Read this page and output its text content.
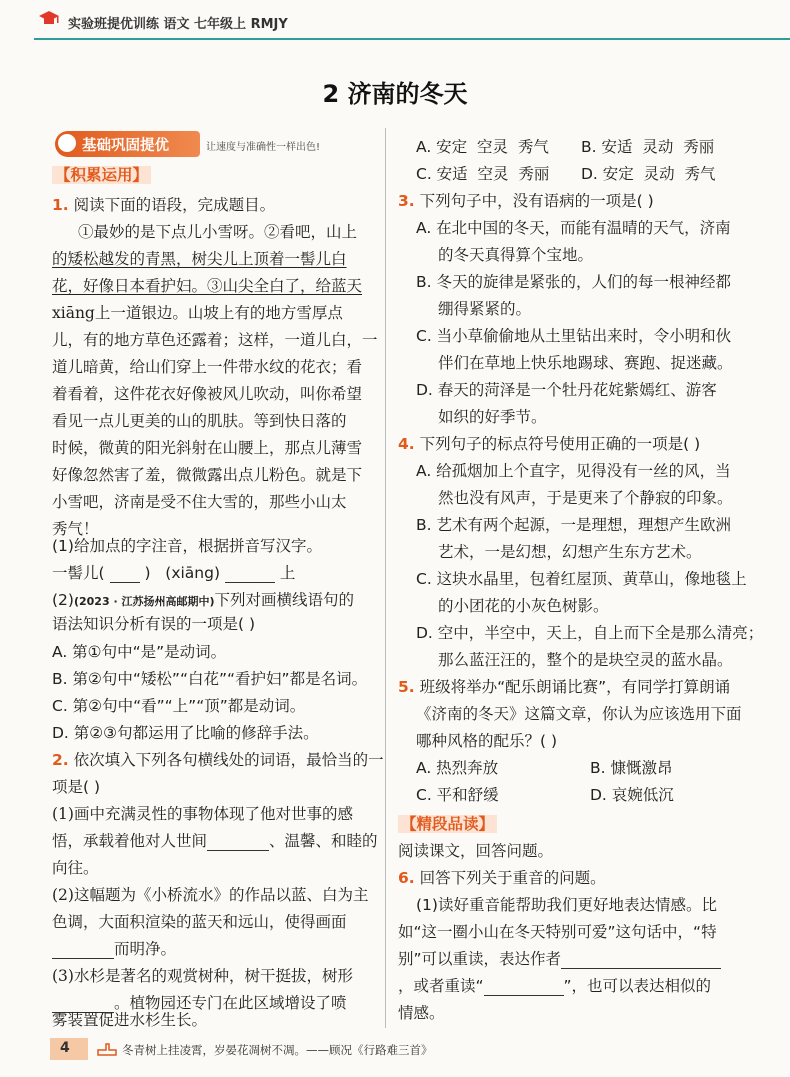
实验班提优训练 语文 七年级上 RMJY
2 济南的冬天
基础巩固提优	让速度与准确性一样出色!
【积累运用】
1. 阅读下面的语段，完成题目。
①最妙的是下点儿小雪呀。②看吧，山上
的矮松越发的青黑，树尖儿上顶着一髻儿白
花，好像日本看护妇。③山尖全白了，给蓝天
xiāng上一道银边。山坡上有的地方雪厚点
儿，有的地方草色还露着；这样，一道儿白，一
道儿暗黄，给山们穿上一件带水纹的花衣；看
着看着，这件花衣好像被风儿吹动，叫你希望
看见一点儿更美的山的肌肤。等到快日落的
时候，微黄的阳光斜射在山腰上，那点儿薄雪
好像忽然害了羞，微微露出点儿粉色。就是下
小雪吧，济南是受不住大雪的，那些小山太
秀气！
(1)给加点的字注音，根据拼音写汉字。
一髻儿(	) (xiāng)	上
(2)(2023 · 江苏扬州高邮期中)下列对画横线语句的
语法知识分析有误的一项是( )
A. 第①句中“是”是动词。
B. 第②句中“矮松”“白花”“看护妇”都是名词。
C. 第②句中“看”“上”“顶”都是动词。
D. 第②③句都运用了比喻的修辞手法。
2. 依次填入下列各句横线处的词语，最恰当的一
项是( )
(1)画中充满灵性的事物体现了他对世事的感
悟，承载着他对人世间	、温馨、和睦的
向往。
(2)这幅题为《小桥流水》的作品以蓝、白为主
色调，大面积渲染的蓝天和远山，使得画面
而明净。
(3)水杉是著名的观赏树种，树干挺拔，树形
。植物园还专门在此区域增设了喷
雾装置促进水杉生长。
A. 安定 空灵 秀气 B. 安适 灵动 秀丽
C. 安适 空灵 秀丽 D. 安定 灵动 秀气
3. 下列句子中，没有语病的一项是( )
A. 在北中国的冬天，而能有温晴的天气，济南
的冬天真得算个宝地。
B. 冬天的旋律是紧张的，人们的每一根神经都
绷得紧紧的。
C. 当小草偷偷地从土里钻出来时，令小明和伙
伴们在草地上快乐地踢球、赛跑、捉迷藏。
D. 春天的菏泽是一个牡丹花姹紫嫣红、游客
如织的好季节。
4. 下列句子的标点符号使用正确的一项是( )
A. 给孤烟加上个直字，见得没有一丝的风，当
然也没有风声，于是更来了个静寂的印象。
B. 艺术有两个起源，一是理想，理想产生欧洲
艺术，一是幻想，幻想产生东方艺术。
C. 这块水晶里，包着红屋顶、黄草山，像地毯上
的小团花的小灰色树影。
D. 空中，半空中，天上，自上而下全是那么清亮；
那么蓝汪汪的，整个的是块空灵的蓝水晶。
5. 班级将举办“配乐朗诵比赛”，有同学打算朗诵
《济南的冬天》这篇文章，你认为应该选用下面
哪种风格的配乐？( )
A. 热烈奔放	B. 慷慨激昂
C. 平和舒缓	D. 哀婉低沉
【精段品读】
阅读课文，回答问题。
6. 回答下列关于重音的问题。
(1)读好重音能帮助我们更好地表达情感。比
如“这一圈小山在冬天特别可爱”这句话中，“特
别”可以重读，表达作者
，或者重读“	”，也可以表达相似的
情感。
4	冬青树上挂凌霄，岁晏花凋树不凋。——顾况《行路难三首》
